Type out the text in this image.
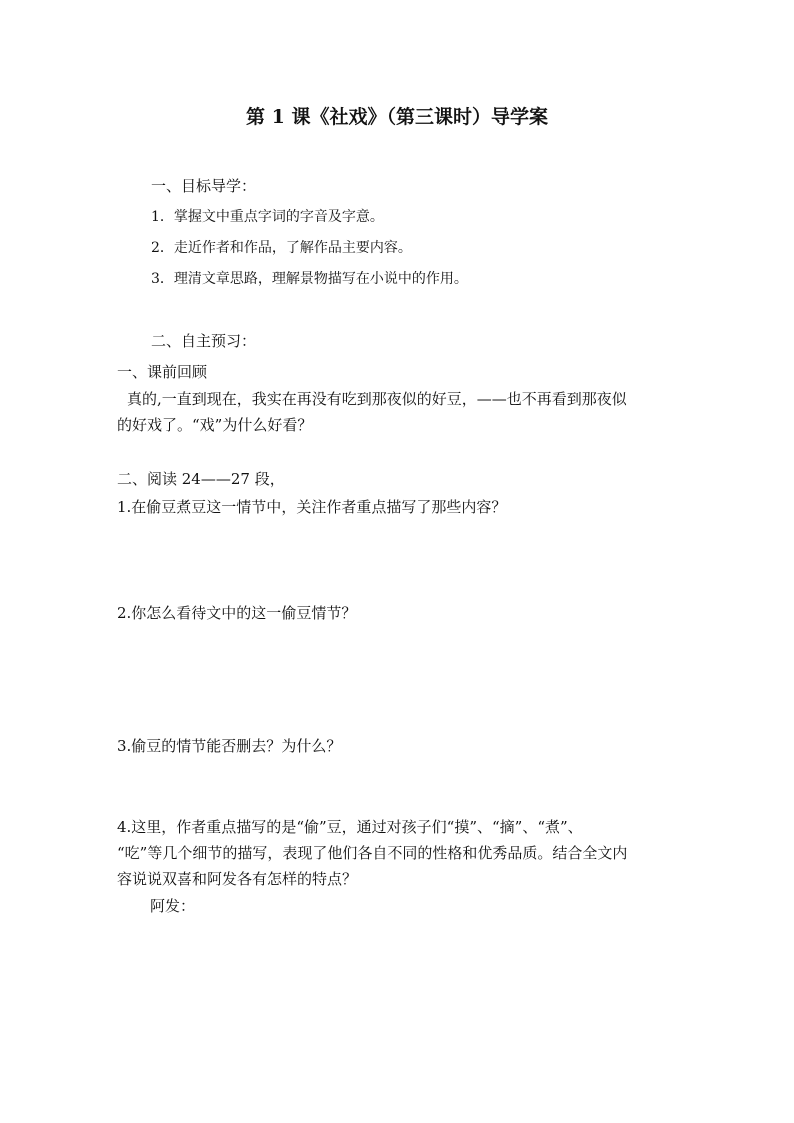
第 1 课《社戏》（第三课时）导学案
一、目标导学：
1．掌握文中重点字词的字音及字意。
2．走近作者和作品，了解作品主要内容。
3．理清文章思路，理解景物描写在小说中的作用。
二、自主预习：
一、课前回顾
真的,一直到现在，我实在再没有吃到那夜似的好豆，——也不再看到那夜似
的好戏了。“戏”为什么好看？
二、阅读 24——27 段，
1.在偷豆煮豆这一情节中，关注作者重点描写了那些内容？
2.你怎么看待文中的这一偷豆情节？
3.偷豆的情节能否删去？为什么？
4.这里，作者重点描写的是“偷”豆，通过对孩子们“摸”、“摘”、“煮”、
“吃”等几个细节的描写，表现了他们各自不同的性格和优秀品质。结合全文内
容说说双喜和阿发各有怎样的特点？
阿发：
